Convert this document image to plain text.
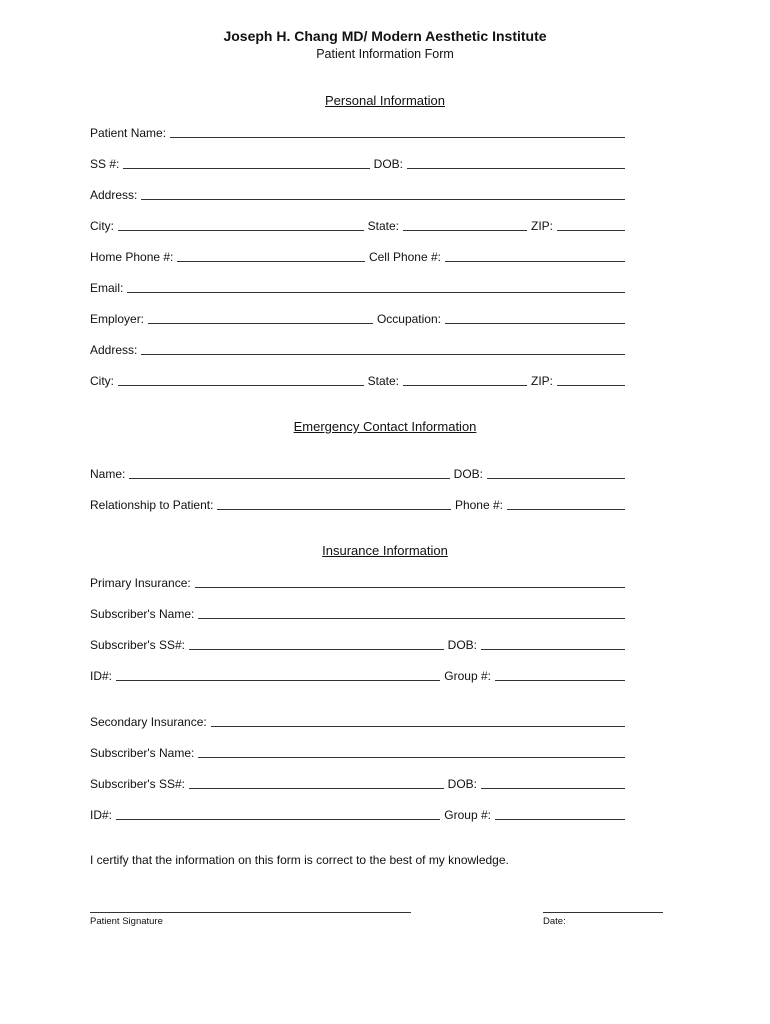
Joseph H. Chang MD/ Modern Aesthetic Institute
Patient Information Form
Personal Information
Patient Name:
SS #:	DOB:
Address:
City:	State:	ZIP:
Home Phone #:	Cell Phone #:
Email:
Employer:	Occupation:
Address:
City:	State:	ZIP:
Emergency Contact Information
Name:	DOB:
Relationship to Patient:	Phone #:
Insurance Information
Primary Insurance:
Subscriber's Name:
Subscriber's SS#:	DOB:
ID#:	Group #:
Secondary Insurance:
Subscriber's Name:
Subscriber's SS#:	DOB:
ID#:	Group #:
I certify that the information on this form is correct to the best of my knowledge.
Patient Signature	Date:
